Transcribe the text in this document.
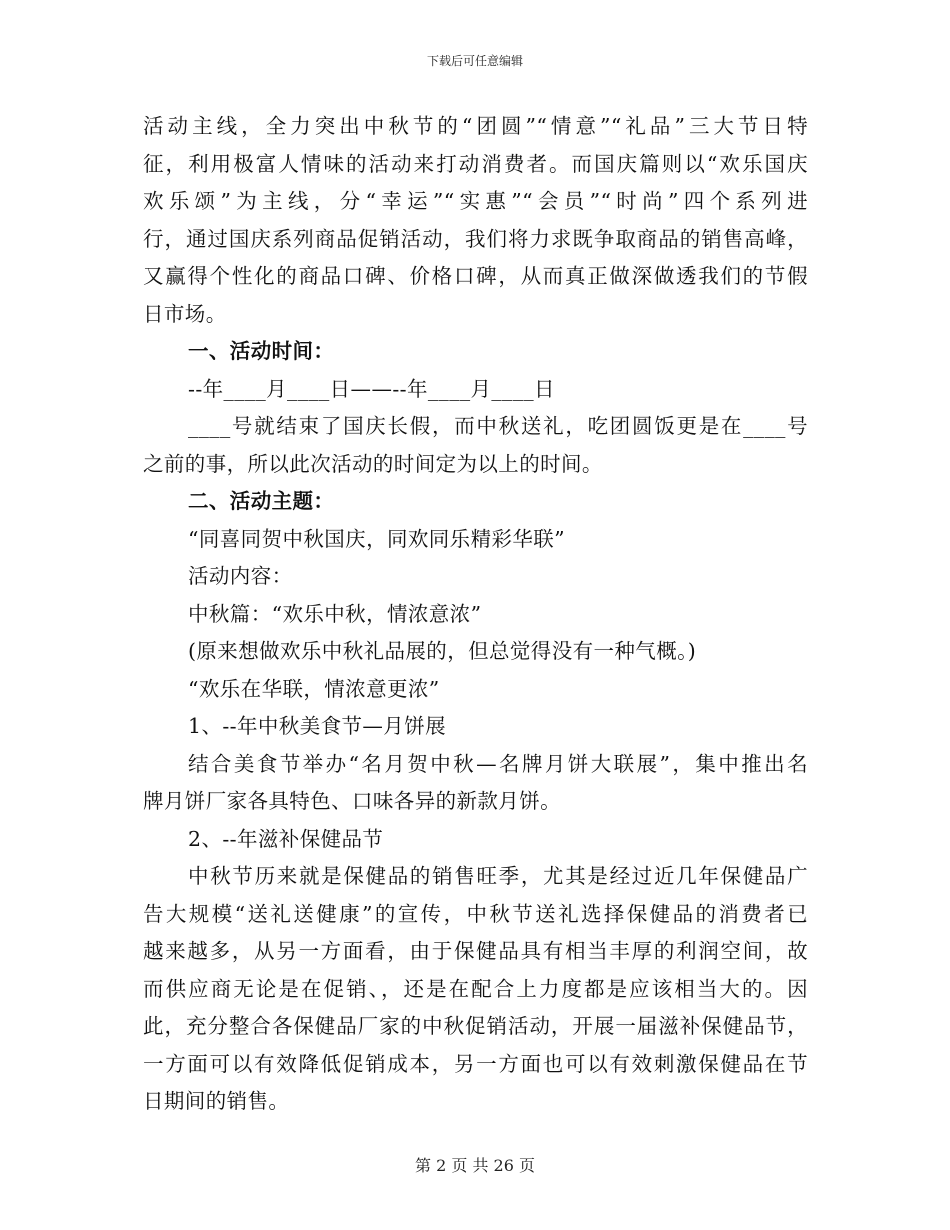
下载后可任意编辑
活动主线，全力突出中秋节的“团圆”“情意”“礼品”三大节日特
征，利用极富人情味的活动来打动消费者。而国庆篇则以“欢乐国庆
欢乐颂”为主线，分“幸运”“实惠”“会员”“时尚”四个系列进
行，通过国庆系列商品促销活动，我们将力求既争取商品的销售高峰，
又赢得个性化的商品口碑、价格口碑，从而真正做深做透我们的节假
日市场。
一、活动时间：
--年____月____日——--年____月____日
____号就结束了国庆长假，而中秋送礼，吃团圆饭更是在____号
之前的事，所以此次活动的时间定为以上的时间。
二、活动主题：
“同喜同贺中秋国庆，同欢同乐精彩华联”
活动内容：
中秋篇：“欢乐中秋，情浓意浓”
(原来想做欢乐中秋礼品展的，但总觉得没有一种气概。)
“欢乐在华联，情浓意更浓”
1、--年中秋美食节—月饼展
结合美食节举办“名月贺中秋—名牌月饼大联展”，集中推出名
牌月饼厂家各具特色、口味各异的新款月饼。
2、--年滋补保健品节
中秋节历来就是保健品的销售旺季，尤其是经过近几年保健品广
告大规模“送礼送健康”的宣传，中秋节送礼选择保健品的消费者已
越来越多，从另一方面看，由于保健品具有相当丰厚的利润空间，故
而供应商无论是在促销、，还是在配合上力度都是应该相当大的。因
此，充分整合各保健品厂家的中秋促销活动，开展一届滋补保健品节，
一方面可以有效降低促销成本，另一方面也可以有效刺激保健品在节
日期间的销售。
第 2 页 共 26 页
